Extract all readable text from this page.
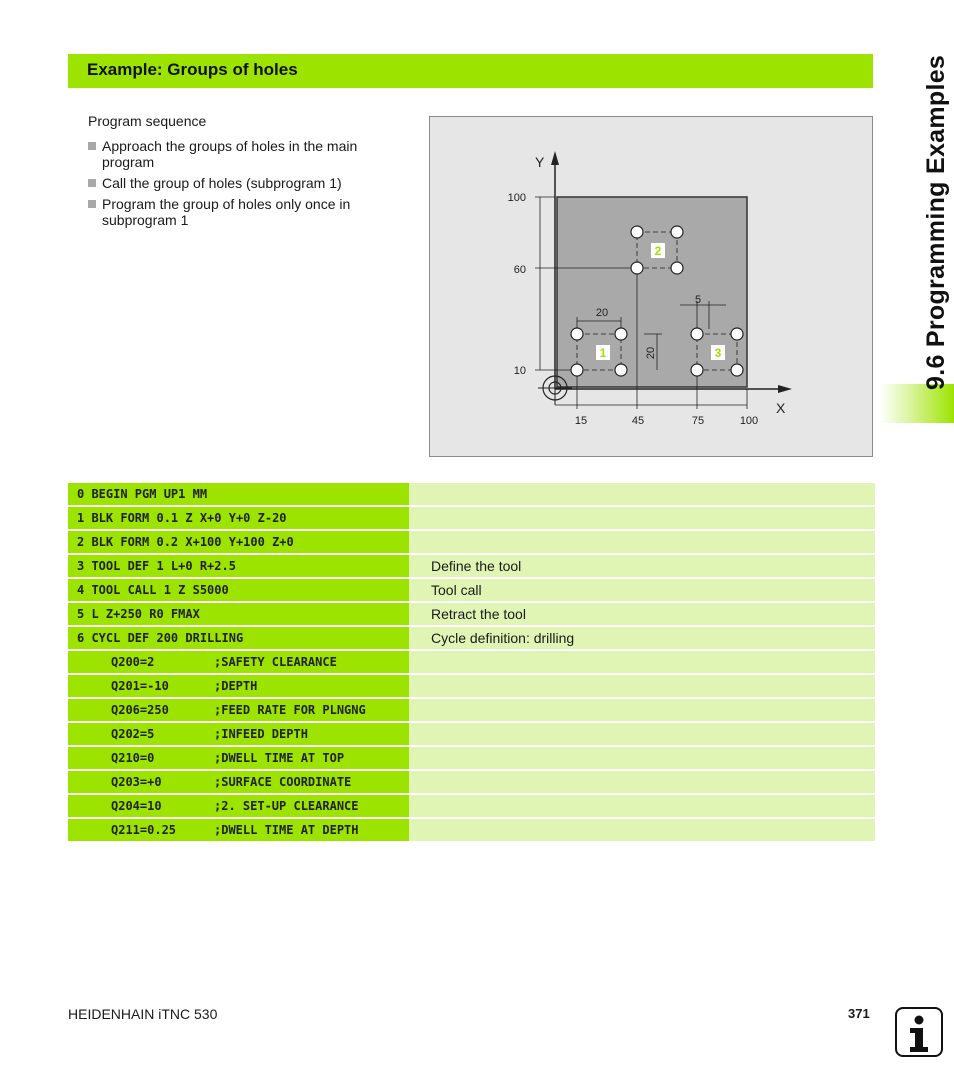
Example: Groups of holes
Program sequence
Approach the groups of holes in the main program
Call the group of holes (subprogram 1)
Program the group of holes only once in subprogram 1
Y
X
100
60
10
15	45	75	100
20
20
1
2
5
3
0 BEGIN PGM UP1 MM
1 BLK FORM 0.1 Z X+0 Y+0 Z-20
2 BLK FORM 0.2 X+100 Y+100 Z+0
3 TOOL DEF 1 L+0 R+2.5	Define the tool
4 TOOL CALL 1 Z S5000	Tool call
5 L Z+250 R0 FMAX	Retract the tool
6 CYCL DEF 200 DRILLING	Cycle definition: drilling
Q200=2	;SAFETY CLEARANCE
Q201=-10	;DEPTH
Q206=250	;FEED RATE FOR PLNGNG
Q202=5	;INFEED DEPTH
Q210=0	;DWELL TIME AT TOP
Q203=+0	;SURFACE COORDINATE
Q204=10	;2. SET-UP CLEARANCE
Q211=0.25	;DWELL TIME AT DEPTH
9.6 Programming Examples
HEIDENHAIN iTNC 530	371
